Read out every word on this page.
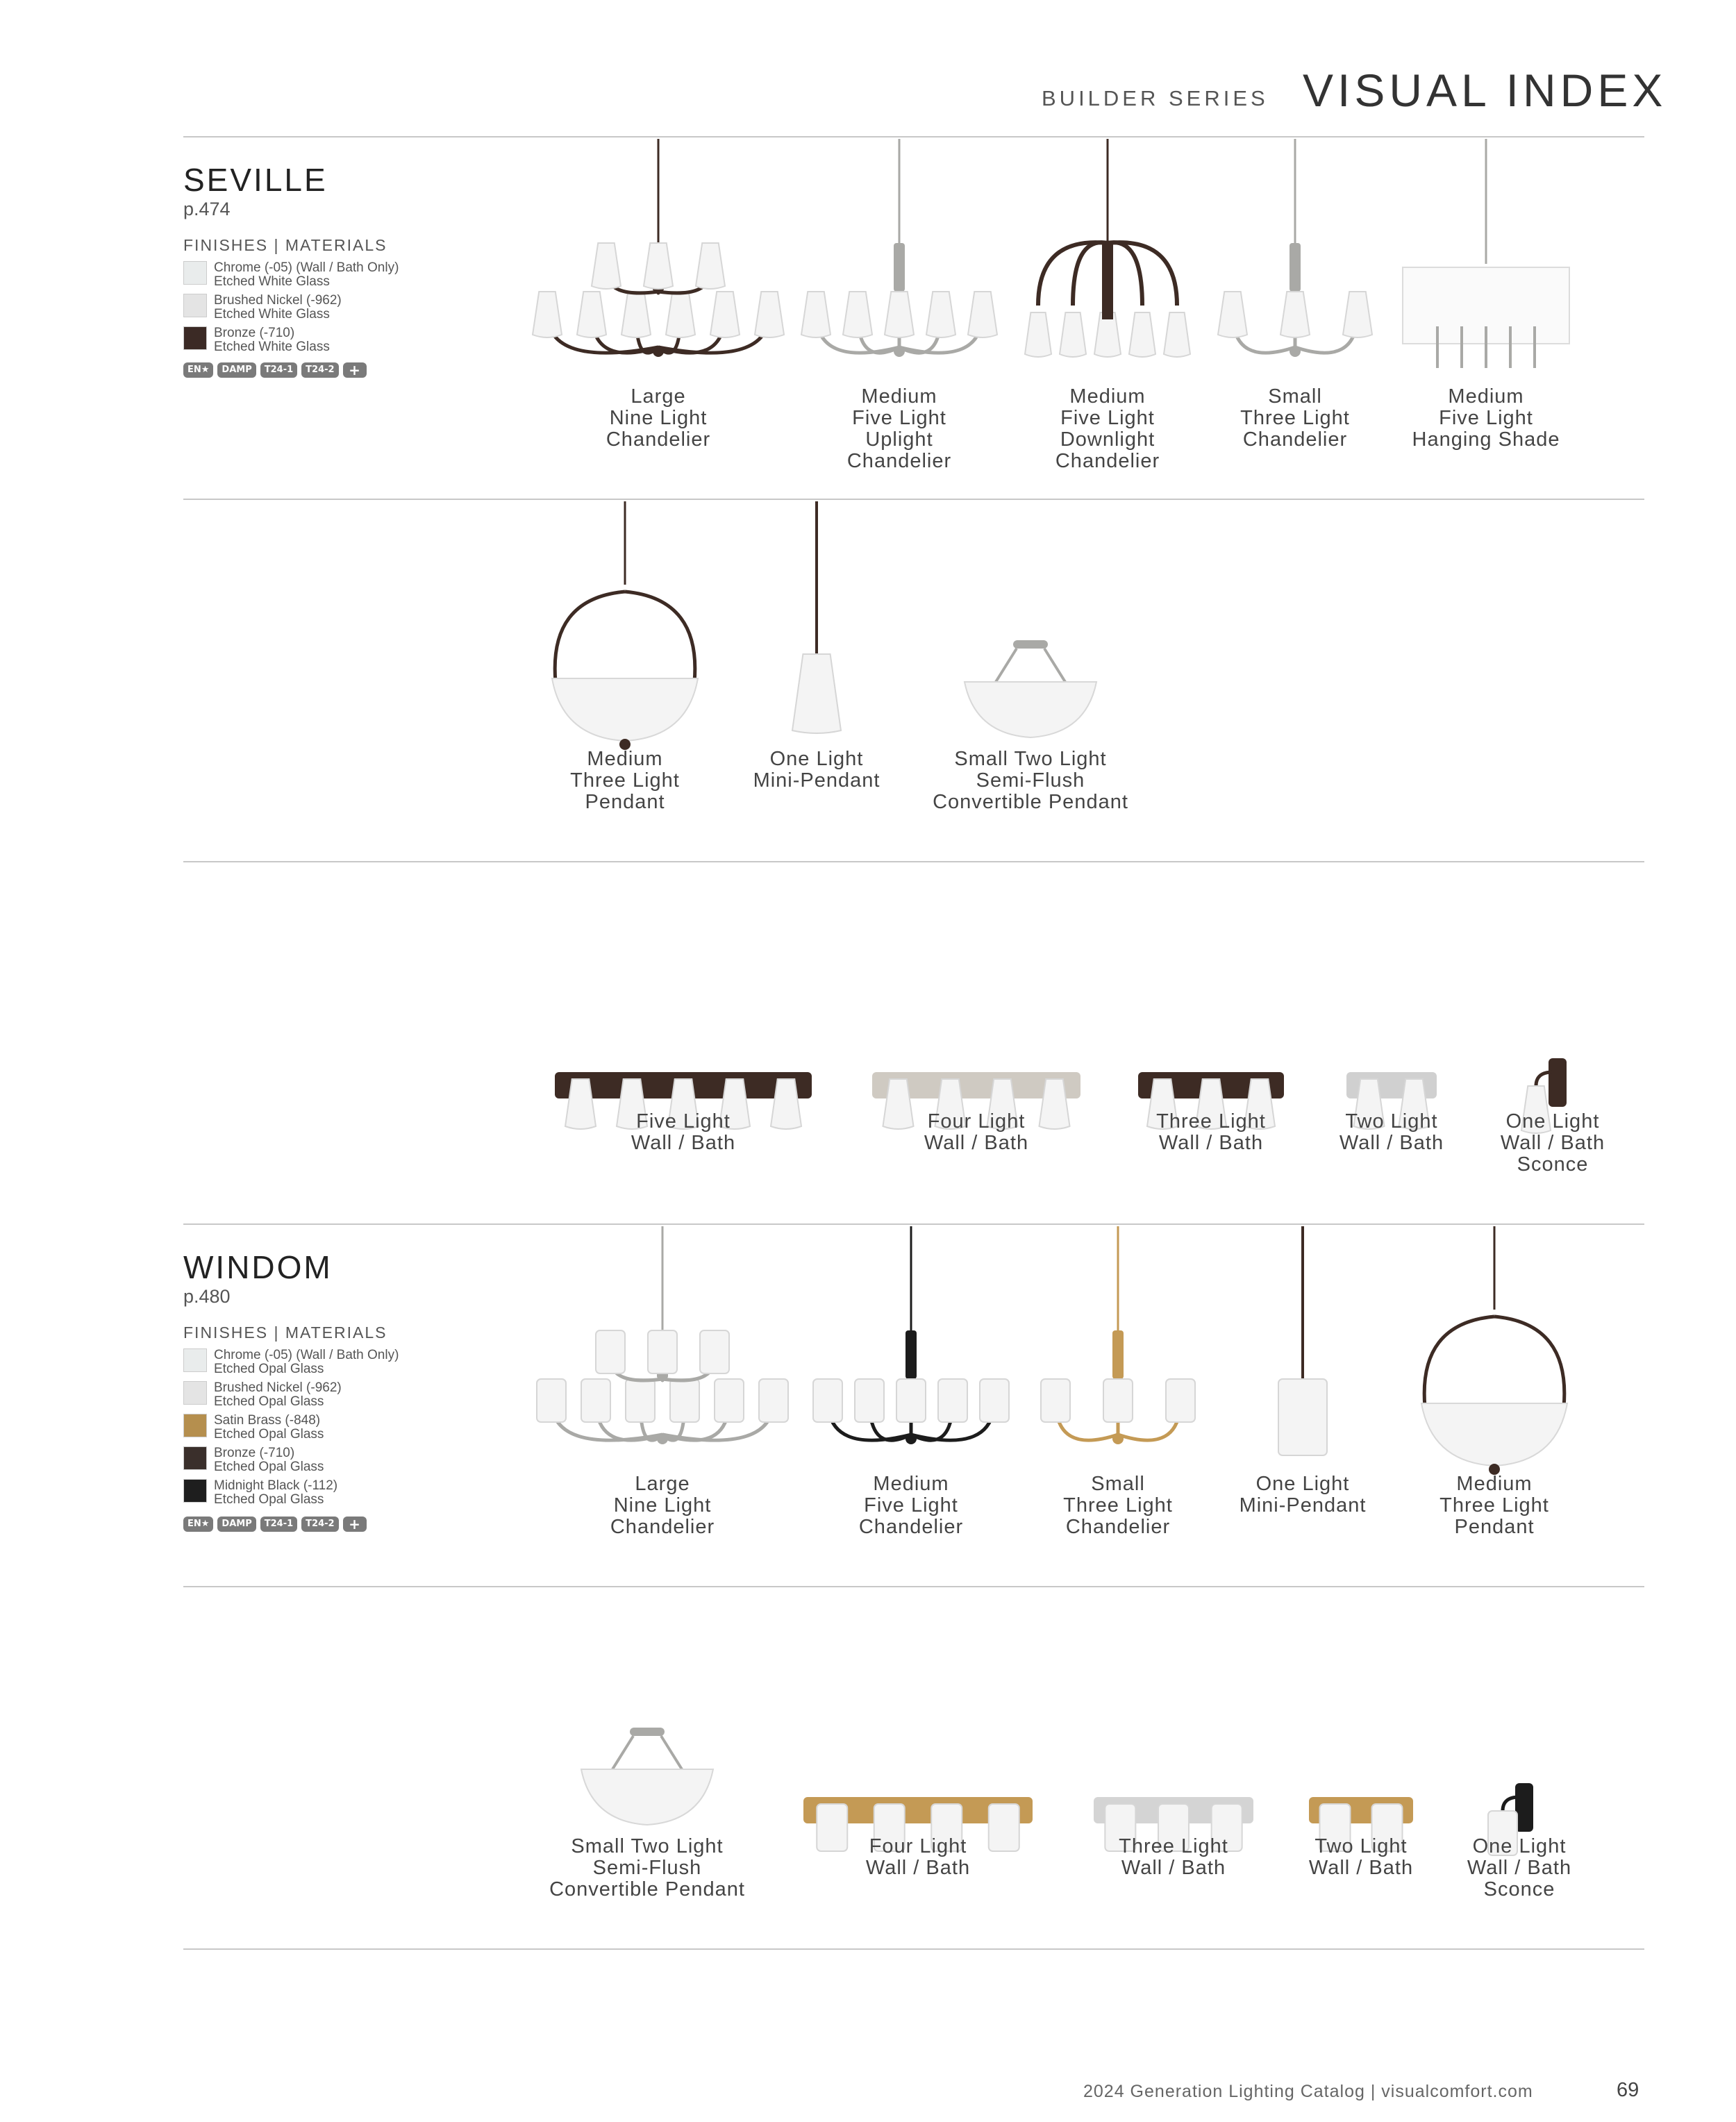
BUILDER SERIES VISUAL INDEX
SEVILLE
p.474
FINISHES | MATERIALS
Chrome (-05) (Wall / Bath Only)
Etched White Glass
Brushed Nickel (-962)
Etched White Glass
Bronze (-710)
Etched White Glass
EN★	DAMP	T24-1	T24-2	+
WINDOM
p.480
FINISHES | MATERIALS
Chrome (-05) (Wall / Bath Only)
Etched Opal Glass
Brushed Nickel (-962)
Etched Opal Glass
Satin Brass (-848)
Etched Opal Glass
Bronze (-710)
Etched Opal Glass
Midnight Black (-112)
Etched Opal Glass
EN★	DAMP	T24-1	T24-2	+
Large
Nine Light
Chandelier
Medium
Five Light
Uplight
Chandelier
Medium
Five Light
Downlight
Chandelier
Small
Three Light
Chandelier
Medium
Five Light
Hanging Shade
Medium
Three Light
Pendant
One Light
Mini-Pendant
Small Two Light
Semi-Flush
Convertible Pendant
Five Light
Wall / Bath
Four Light
Wall / Bath
Three Light
Wall / Bath
Two Light
Wall / Bath
One Light
Wall / Bath
Sconce
Large
Nine Light
Chandelier
Medium
Five Light
Chandelier
Small
Three Light
Chandelier
One Light
Mini-Pendant
Medium
Three Light
Pendant
Small Two Light
Semi-Flush
Convertible Pendant
Four Light
Wall / Bath
Three Light
Wall / Bath
Two Light
Wall / Bath
One Light
Wall / Bath
Sconce
2024 Generation Lighting Catalog | visualcomfort.com	69
